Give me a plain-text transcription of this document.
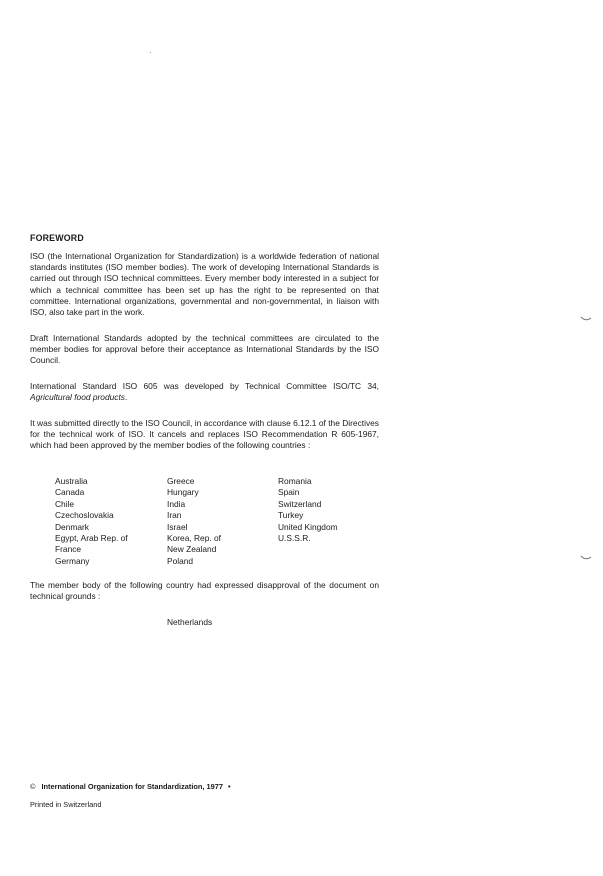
FOREWORD

ISO (the International Organization for Standardization) is a worldwide federation of national standards institutes (ISO member bodies). The work of developing International Standards is carried out through ISO technical committees. Every member body interested in a subject for which a technical committee has been set up has the right to be represented on that committee. International organizations, governmental and non-governmental, in liaison with ISO, also take part in the work.

Draft International Standards adopted by the technical committees are circulated to the member bodies for approval before their acceptance as International Standards by the ISO Council.

International Standard ISO 605 was developed by Technical Committee ISO/TC 34, Agricultural food products.

It was submitted directly to the ISO Council, in accordance with clause 6.12.1 of the Directives for the technical work of ISO. It cancels and replaces ISO Recommendation R 605-1967, which had been approved by the member bodies of the following countries :

Australia
Canada
Chile
Czechoslovakia
Denmark
Egypt, Arab Rep. of
France
Germany
Greece
Hungary
India
Iran
Israel
Korea, Rep. of
New Zealand
Poland
Romania
Spain
Switzerland
Turkey
United Kingdom
U.S.S.R.

The member body of the following country had expressed disapproval of the document on technical grounds :

Netherlands
© International Organization for Standardization, 1977 •
Printed in Switzerland
